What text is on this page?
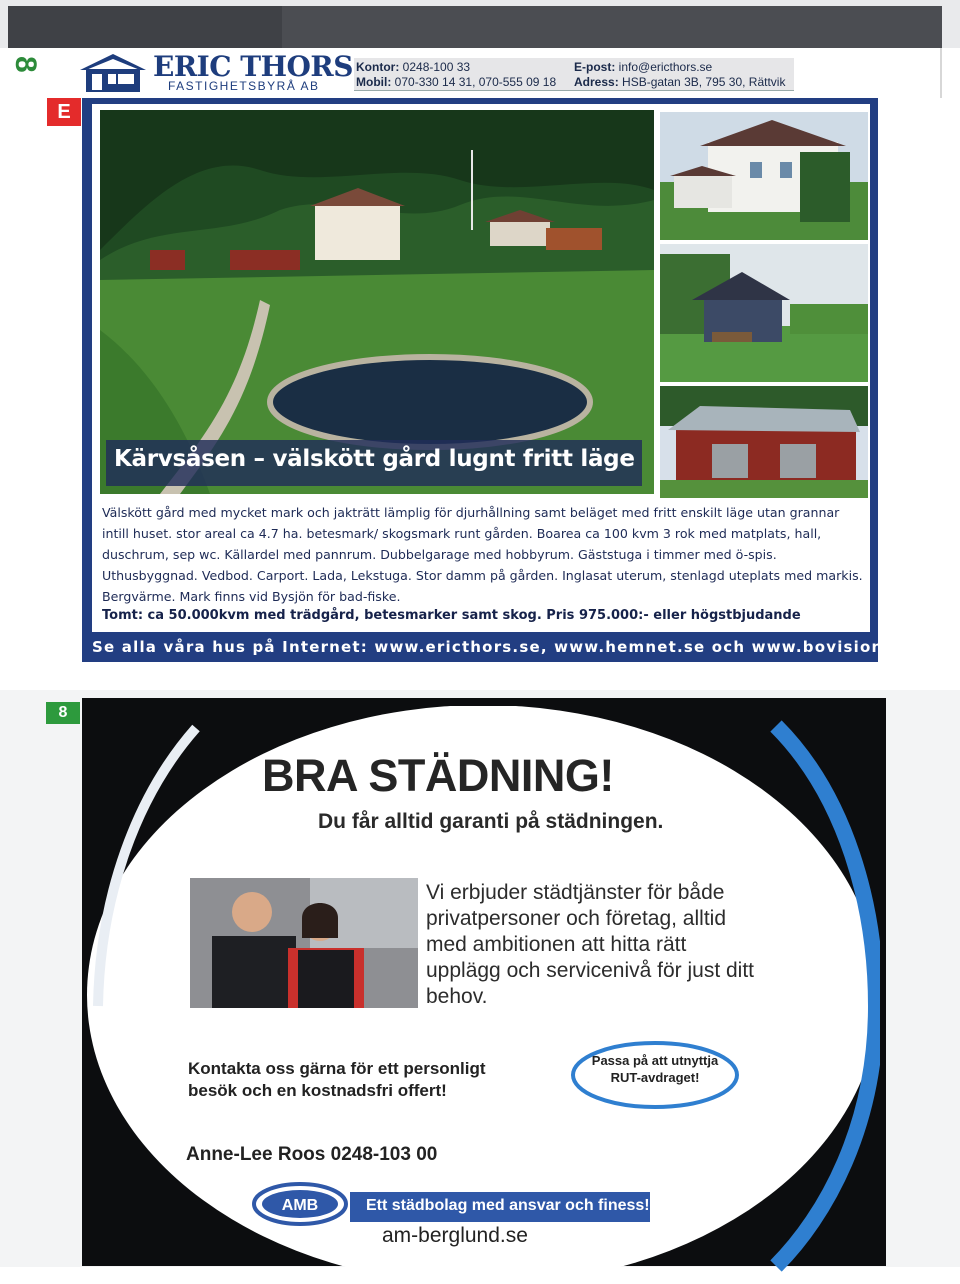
8
E
ERIC THORS
FASTIGHETSBYRÅ AB
Kontor: 0248-100 33
Mobil: 070-330 14 31, 070-555 09 18
E-post: info@ericthors.se
Adress: HSB-gatan 3B, 795 30, Rättvik
Kärvsåsen – välskött gård lugnt fritt läge
Välskött gård med mycket mark och jakträtt lämplig för djurhållning samt beläget med fritt enskilt läge utan grannar intill huset. stor areal ca 4.7 ha. betesmark/ skogsmark runt gården. Boarea ca 100 kvm 3 rok med matplats, hall, duschrum, sep wc. Källardel med pannrum. Dubbelgarage med hobbyrum. Gäststuga i timmer med ö-spis. Uthusbyggnad. Vedbod. Carport. Lada, Lekstuga. Stor damm på gården. Inglasat uterum, stenlagd uteplats med markis. Bergvärme. Mark finns vid Bysjön för bad-fiske.
Tomt: ca 50.000kvm med trädgård, betesmarker samt skog. Pris 975.000:- eller högstbjudande
Se alla våra hus på Internet: www.ericthors.se, www.hemnet.se och www.bovision.se
8
BRA STÄDNING!
Du får alltid garanti på städningen.
Vi erbjuder städtjänster för både privatpersoner och företag, alltid med ambitionen att hitta rätt upplägg och servicenivå för just ditt behov.
Kontakta oss gärna för ett personligt besök och en kostnadsfri offert!
Passa på att utnyttja RUT-avdraget!
Anne-Lee Roos 0248-103 00
Ett städbolag med ansvar och finess!
AMB
am-berglund.se
